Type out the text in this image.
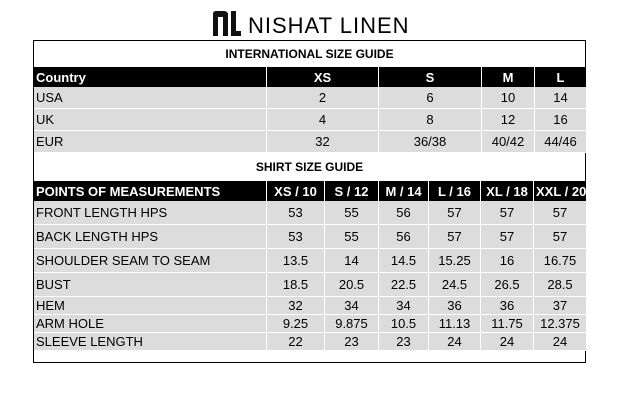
NISHAT LINEN
INTERNATIONAL SIZE GUIDE
Country	XS	S	M	L
USA	2	6	10	14
UK	4	8	12	16
EUR	32	36/38	40/42	44/46
SHIRT SIZE GUIDE
POINTS OF MEASUREMENTS	XS / 10	S / 12	M / 14	L / 16	XL / 18	XXL / 20
FRONT LENGTH HPS	53	55	56	57	57	57
BACK LENGTH HPS	53	55	56	57	57	57
SHOULDER SEAM TO SEAM	13.5	14	14.5	15.25	16	16.75
BUST	18.5	20.5	22.5	24.5	26.5	28.5
HEM	32	34	34	36	36	37
ARM HOLE	9.25	9.875	10.5	11.13	11.75	12.375
SLEEVE LENGTH	22	23	23	24	24	24
